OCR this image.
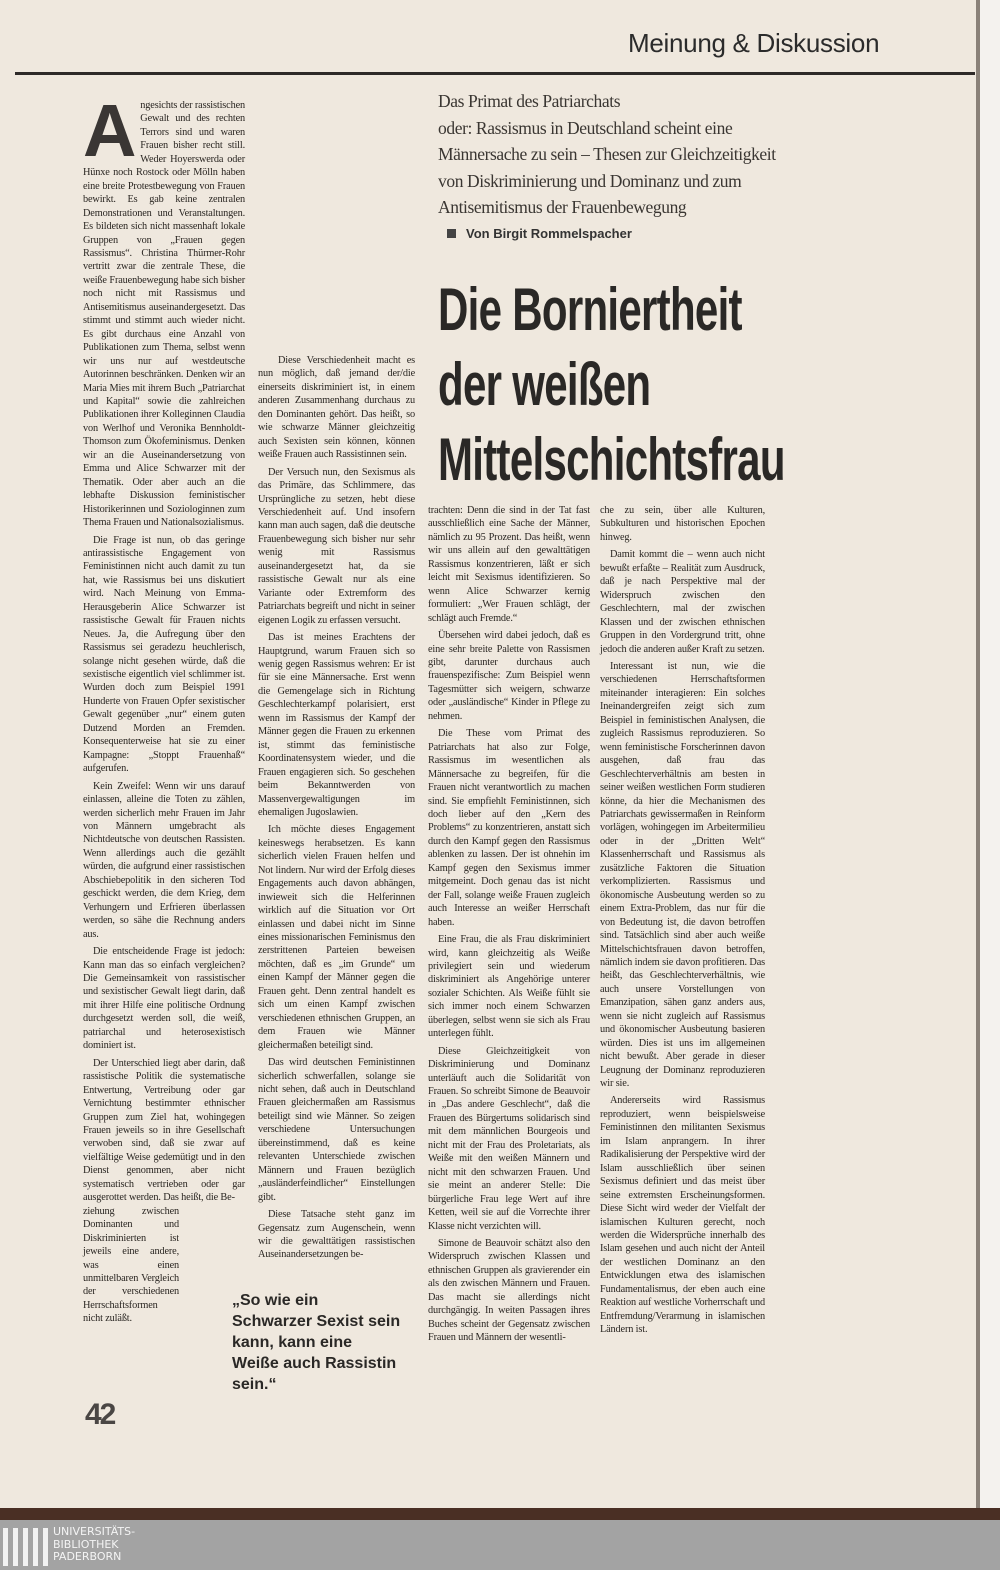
Meinung & Diskussion
Das Primat des Patriarchats
oder: Rassismus in Deutschland scheint eine
Männersache zu sein – Thesen zur Gleichzeitigkeit
von Diskriminierung und Dominanz und zum
Antisemitismus der Frauenbewegung
Von Birgit Rommelspacher
Die Borniertheit
der weißen
Mittelschichtsfrau

Angesichts der rassistischen Gewalt und des rechten Terrors sind und waren Frauen bisher recht still. Weder Hoyerswerda oder Hünxe noch Rostock oder Mölln haben eine breite Protestbewegung von Frauen bewirkt. Es gab keine zentralen Demonstrationen und Veranstaltungen. Es bildeten sich nicht massenhaft lokale Gruppen von „Frauen gegen Rassismus“. Christina Thürmer-Rohr vertritt zwar die zentrale These, die weiße Frauenbewegung habe sich bisher noch nicht mit Rassismus und Antisemitismus auseinandergesetzt. Das stimmt und stimmt auch wieder nicht. Es gibt durchaus eine Anzahl von Publikationen zum Thema, selbst wenn wir uns nur auf westdeutsche Autorinnen beschränken. Denken wir an Maria Mies mit ihrem Buch „Patriarchat und Kapital“ sowie die zahlreichen Publikationen ihrer Kolleginnen Claudia von Werlhof und Veronika Bennholdt-Thomson zum Ökofeminismus. Denken wir an die Auseinandersetzung von Emma und Alice Schwarzer mit der Thematik. Oder aber auch an die lebhafte Diskussion feministischer Historikerinnen und Soziologinnen zum Thema Frauen und Nationalsozialismus.

Die Frage ist nun, ob das geringe antirassistische Engagement von Feministinnen nicht auch damit zu tun hat, wie Rassismus bei uns diskutiert wird. Nach Meinung von Emma-Herausgeberin Alice Schwarzer ist rassistische Gewalt für Frauen nichts Neues. Ja, die Aufregung über den Rassismus sei geradezu heuchlerisch, solange nicht gesehen würde, daß die sexistische eigentlich viel schlimmer ist. Wurden doch zum Beispiel 1991 Hunderte von Frauen Opfer sexistischer Gewalt gegenüber „nur“ einem guten Dutzend Morden an Fremden. Konsequenterweise hat sie zu einer Kampagne: „Stoppt Frauenhaß“ aufgerufen.

Kein Zweifel: Wenn wir uns darauf einlassen, alleine die Toten zu zählen, werden sicherlich mehr Frauen im Jahr von Männern umgebracht als Nichtdeutsche von deutschen Rassisten. Wenn allerdings auch die gezählt würden, die aufgrund einer rassistischen Abschiebepolitik in den sicheren Tod geschickt werden, die dem Krieg, dem Verhungern und Erfrieren überlassen werden, so sähe die Rechnung anders aus.

Die entscheidende Frage ist jedoch: Kann man das so einfach vergleichen? Die Gemeinsamkeit von rassistischer und sexistischer Gewalt liegt darin, daß mit ihrer Hilfe eine politische Ordnung durchgesetzt werden soll, die weiß, patriarchal und heterosexistisch dominiert ist.

Der Unterschied liegt aber darin, daß rassistische Politik die systematische Entwertung, Vertreibung oder gar Vernichtung bestimmter ethnischer Gruppen zum Ziel hat, wohingegen Frauen jeweils so in ihre Gesellschaft verwoben sind, daß sie zwar auf vielfältige Weise gedemütigt und in den Dienst genommen, aber nicht systematisch vertrieben oder gar ausgerottet werden. Das heißt, die Be-

ziehung zwischen Dominanten und Diskriminierten ist jeweils eine andere, was einen unmittelbaren Vergleich der verschiedenen Herrschaftsformen nicht zuläßt.

Diese Verschiedenheit macht es nun möglich, daß jemand der/die einerseits diskriminiert ist, in einem anderen Zusammenhang durchaus zu den Dominanten gehört. Das heißt, so wie schwarze Männer gleichzeitig auch Sexisten sein können, können weiße Frauen auch Rassistinnen sein.

Der Versuch nun, den Sexismus als das Primäre, das Schlimmere, das Ursprüngliche zu setzen, hebt diese Verschiedenheit auf. Und insofern kann man auch sagen, daß die deutsche Frauenbewegung sich bisher nur sehr wenig mit Rassismus auseinandergesetzt hat, da sie rassistische Gewalt nur als eine Variante oder Extremform des Patriarchats begreift und nicht in seiner eigenen Logik zu erfassen versucht.

Das ist meines Erachtens der Hauptgrund, warum Frauen sich so wenig gegen Rassismus wehren: Er ist für sie eine Männersache. Erst wenn die Gemengelage sich in Richtung Geschlechterkampf polarisiert, erst wenn im Rassismus der Kampf der Männer gegen die Frauen zu erkennen ist, stimmt das feministische Koordinatensystem wieder, und die Frauen engagieren sich. So geschehen beim Bekanntwerden von Massenvergewaltigungen im ehemaligen Jugoslawien.

Ich möchte dieses Engagement keineswegs herabsetzen. Es kann sicherlich vielen Frauen helfen und Not lindern. Nur wird der Erfolg dieses Engagements auch davon abhängen, inwieweit sich die Helferinnen wirklich auf die Situation vor Ort einlassen und dabei nicht im Sinne eines missionarischen Feminismus den zerstrittenen Parteien beweisen möchten, daß es „im Grunde“ um einen Kampf der Männer gegen die Frauen geht. Denn zentral handelt es sich um einen Kampf zwischen verschiedenen ethnischen Gruppen, an dem Frauen wie Männer gleichermaßen beteiligt sind.

Das wird deutschen Feministinnen sicherlich schwerfallen, solange sie nicht sehen, daß auch in Deutschland Frauen gleichermaßen am Rassismus beteiligt sind wie Männer. So zeigen verschiedene Untersuchungen übereinstimmend, daß es keine relevanten Unterschiede zwischen Männern und Frauen bezüglich „ausländerfeindlicher“ Einstellungen gibt.

Diese Tatsache steht ganz im Gegensatz zum Augenschein, wenn wir die gewalttätigen rassistischen Auseinandersetzungen be-

„So wie ein Schwarzer Sexist sein kann, kann eine Weiße auch Rassistin sein.“

trachten: Denn die sind in der Tat fast ausschließlich eine Sache der Männer, nämlich zu 95 Prozent. Das heißt, wenn wir uns allein auf den gewalttätigen Rassismus konzentrieren, läßt er sich leicht mit Sexismus identifizieren. So wenn Alice Schwarzer kernig formuliert: „Wer Frauen schlägt, der schlägt auch Fremde.“

Übersehen wird dabei jedoch, daß es eine sehr breite Palette von Rassismen gibt, darunter durchaus auch frauenspezifische: Zum Beispiel wenn Tagesmütter sich weigern, schwarze oder „ausländische“ Kinder in Pflege zu nehmen.

Die These vom Primat des Patriarchats hat also zur Folge, Rassismus im wesentlichen als Männersache zu begreifen, für die Frauen nicht verantwortlich zu machen sind. Sie empfiehlt Feministinnen, sich doch lieber auf den „Kern des Problems“ zu konzentrieren, anstatt sich durch den Kampf gegen den Rassismus ablenken zu lassen. Der ist ohnehin im Kampf gegen den Sexismus immer mitgemeint. Doch genau das ist nicht der Fall, solange weiße Frauen zugleich auch Interesse an weißer Herrschaft haben.

Eine Frau, die als Frau diskriminiert wird, kann gleichzeitig als Weiße privilegiert sein und wiederum diskriminiert als Angehörige unterer sozialer Schichten. Als Weiße fühlt sie sich immer noch einem Schwarzen überlegen, selbst wenn sie sich als Frau unterlegen fühlt.

Diese Gleichzeitigkeit von Diskriminierung und Dominanz unterläuft auch die Solidarität von Frauen. So schreibt Simone de Beauvoir in „Das andere Geschlecht“, daß die Frauen des Bürgertums solidarisch sind mit dem männlichen Bourgeois und nicht mit der Frau des Proletariats, als Weiße mit den weißen Männern und nicht mit den schwarzen Frauen. Und sie meint an anderer Stelle: Die bürgerliche Frau lege Wert auf ihre Ketten, weil sie auf die Vorrechte ihrer Klasse nicht verzichten will.

Simone de Beauvoir schätzt also den Widerspruch zwischen Klassen und ethnischen Gruppen als gravierender ein als den zwischen Männern und Frauen. Das macht sie allerdings nicht durchgängig. In weiten Passagen ihres Buches scheint der Gegensatz zwischen Frauen und Männern der wesentli-

che zu sein, über alle Kulturen, Subkulturen und historischen Epochen hinweg.

Damit kommt die – wenn auch nicht bewußt erfaßte – Realität zum Ausdruck, daß je nach Perspektive mal der Widerspruch zwischen den Geschlechtern, mal der zwischen Klassen und der zwischen ethnischen Gruppen in den Vordergrund tritt, ohne jedoch die anderen außer Kraft zu setzen.

Interessant ist nun, wie die verschiedenen Herrschaftsformen miteinander interagieren: Ein solches Ineinandergreifen zeigt sich zum Beispiel in feministischen Analysen, die zugleich Rassismus reproduzieren. So wenn feministische Forscherinnen davon ausgehen, daß frau das Geschlechterverhältnis am besten in seiner weißen westlichen Form studieren könne, da hier die Mechanismen des Patriarchats gewissermaßen in Reinform vorlägen, wohingegen im Arbeitermilieu oder in der „Dritten Welt“ Klassenherrschaft und Rassismus als zusätzliche Faktoren die Situation verkomplizierten. Rassismus und ökonomische Ausbeutung werden so zu einem Extra-Problem, das nur für die von Bedeutung ist, die davon betroffen sind. Tatsächlich sind aber auch weiße Mittelschichtsfrauen davon betroffen, nämlich indem sie davon profitieren. Das heißt, das Geschlechterverhältnis, wie auch unsere Vorstellungen von Emanzipation, sähen ganz anders aus, wenn sie nicht zugleich auf Rassismus und ökonomischer Ausbeutung basieren würden. Dies ist uns im allgemeinen nicht bewußt. Aber gerade in dieser Leugnung der Dominanz reproduzieren wir sie.

Andererseits wird Rassismus reproduziert, wenn beispielsweise Feministinnen den militanten Sexismus im Islam anprangern. In ihrer Radikalisierung der Perspektive wird der Islam ausschließlich über seinen Sexismus definiert und das meist über seine extremsten Erscheinungsformen. Diese Sicht wird weder der Vielfalt der islamischen Kulturen gerecht, noch werden die Widersprüche innerhalb des Islam gesehen und auch nicht der Anteil der westlichen Dominanz an den Entwicklungen etwa des islamischen Fundamentalismus, der eben auch eine Reaktion auf westliche Vorherrschaft und Entfremdung/Verarmung in islamischen Ländern ist.

42
UNIVERSITÄTS-
BIBLIOTHEK
PADERBORN
